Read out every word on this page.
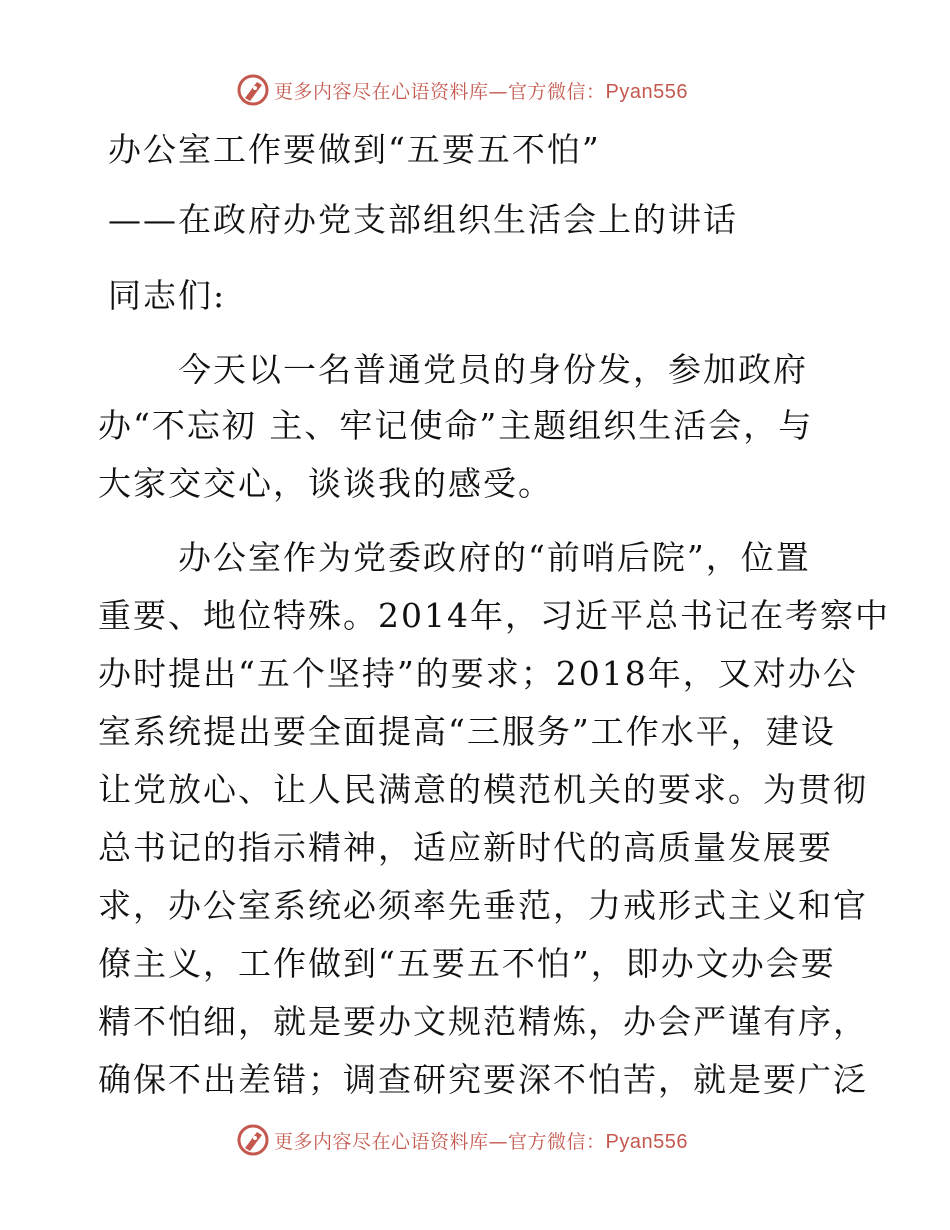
更多内容尽在心语资料库—官方微信：Pyan556
办公室工作要做到“五要五不怕”
——在政府办党支部组织生活会上的讲话
同志们:
今天以一名普通党员的身份发，参加政府
办“不忘初 主、牢记使命”主题组织生活会，与
大家交交心，谈谈我的感受。
办公室作为党委政府的“前哨后院”，位置
重要、地位特殊。2014年，习近平总书记在考察中
办时提出“五个坚持”的要求；2018年，又对办公
室系统提出要全面提高“三服务”工作水平，建设
让党放心、让人民满意的模范机关的要求。为贯彻
总书记的指示精神，适应新时代的高质量发展要
求，办公室系统必须率先垂范，力戒形式主义和官
僚主义，工作做到“五要五不怕”，即办文办会要
精不怕细，就是要办文规范精炼，办会严谨有序，
确保不出差错；调查研究要深不怕苦，就是要广泛
更多内容尽在心语资料库—官方微信：Pyan556
